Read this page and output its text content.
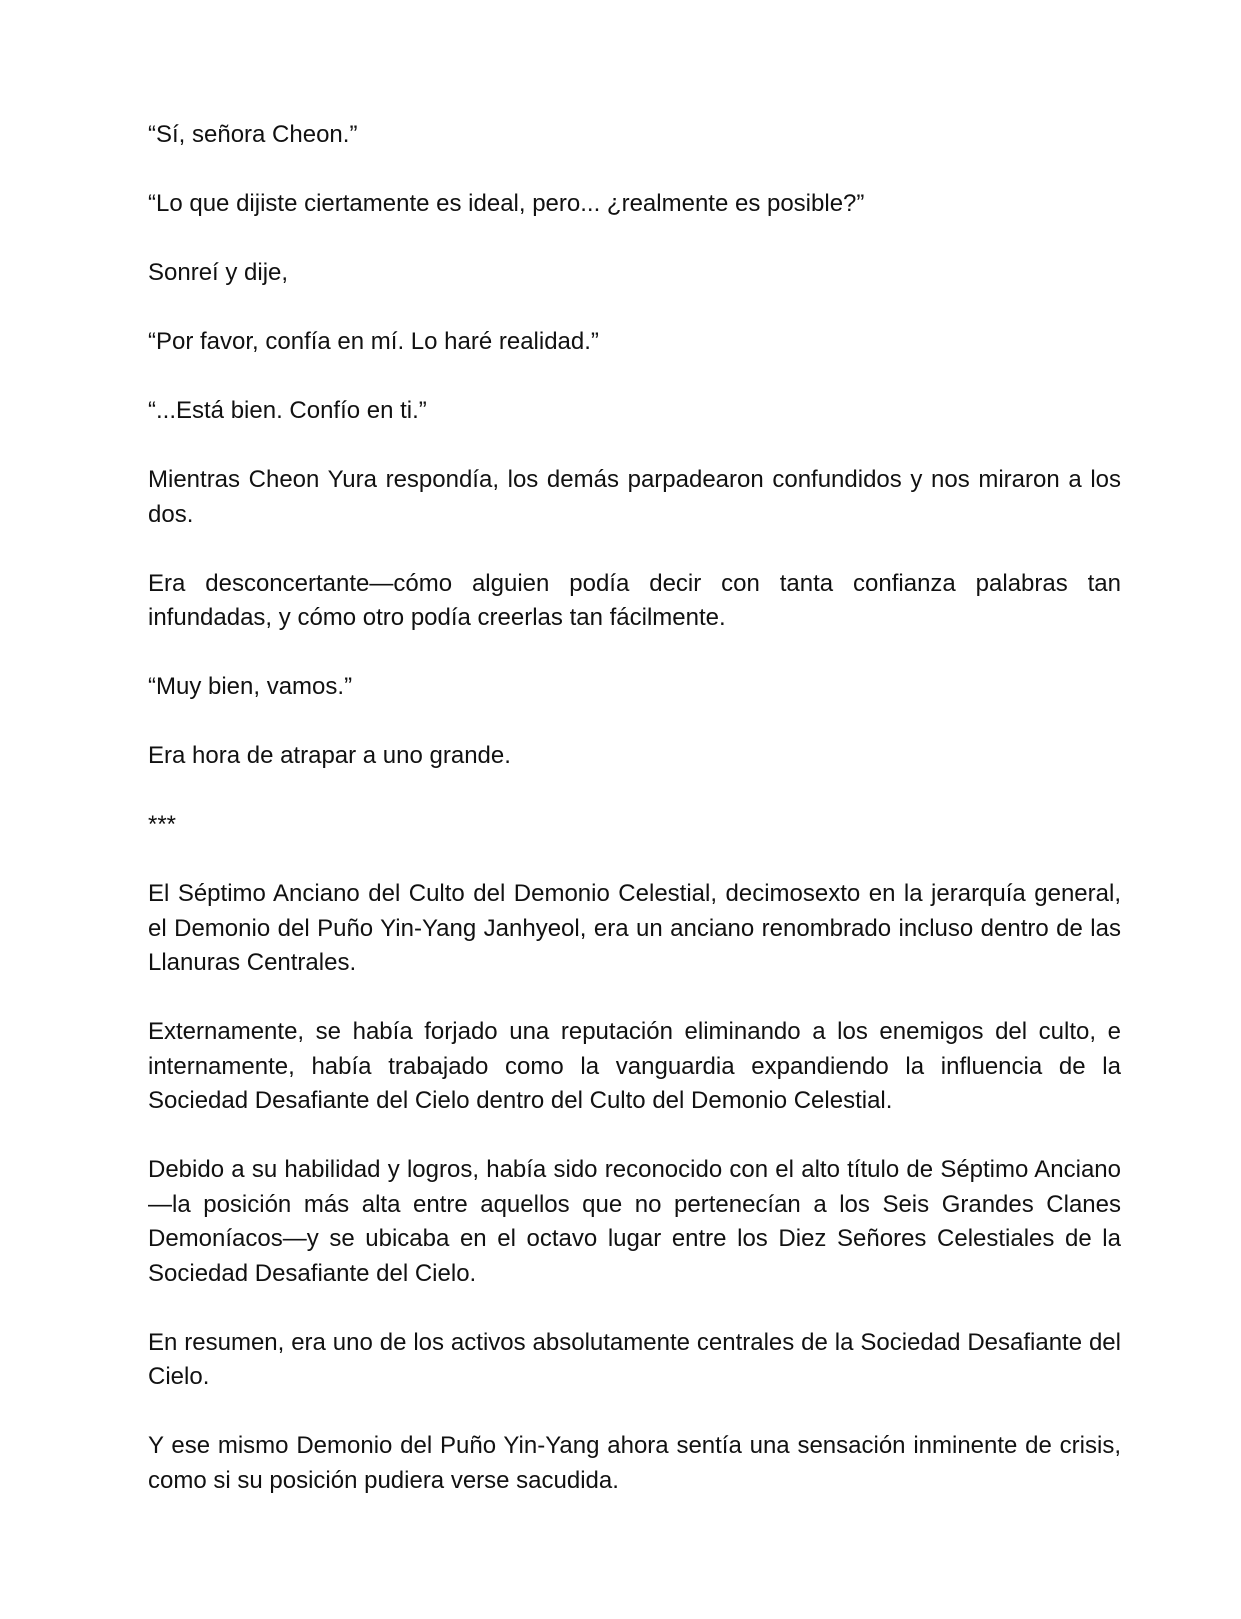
“Sí, señora Cheon.”

“Lo que dijiste ciertamente es ideal, pero... ¿realmente es posible?”

Sonreí y dije,

“Por favor, confía en mí. Lo haré realidad.”

“...Está bien. Confío en ti.”

Mientras Cheon Yura respondía, los demás parpadearon confundidos y nos miraron a los dos.

Era desconcertante—cómo alguien podía decir con tanta confianza palabras tan infundadas, y cómo otro podía creerlas tan fácilmente.

“Muy bien, vamos.”

Era hora de atrapar a uno grande.

***

El Séptimo Anciano del Culto del Demonio Celestial, decimosexto en la jerarquía general, el Demonio del Puño Yin-Yang Janhyeol, era un anciano renombrado incluso dentro de las Llanuras Centrales.

Externamente, se había forjado una reputación eliminando a los enemigos del culto, e internamente, había trabajado como la vanguardia expandiendo la influencia de la Sociedad Desafiante del Cielo dentro del Culto del Demonio Celestial.

Debido a su habilidad y logros, había sido reconocido con el alto título de Séptimo Anciano—la posición más alta entre aquellos que no pertenecían a los Seis Grandes Clanes Demoníacos—y se ubicaba en el octavo lugar entre los Diez Señores Celestiales de la Sociedad Desafiante del Cielo.

En resumen, era uno de los activos absolutamente centrales de la Sociedad Desafiante del Cielo.

Y ese mismo Demonio del Puño Yin-Yang ahora sentía una sensación inminente de crisis, como si su posición pudiera verse sacudida.
